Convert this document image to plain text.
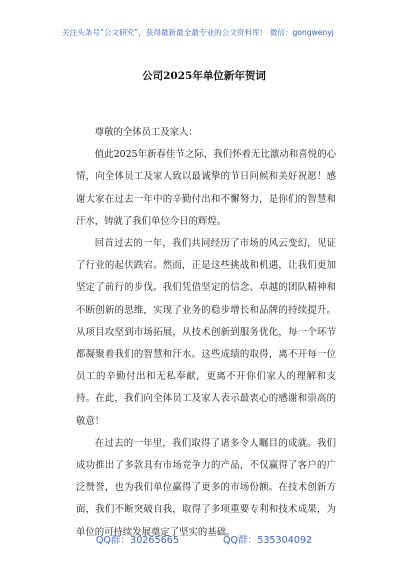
关注头条号“公文研究”，获得最新最全最专业的公文资料库！ 微信：gongwenyj
公司2025年单位新年贺词

尊敬的全体员工及家人：

值此2025年新春佳节之际，我们怀着无比激动和喜悦的心情，向全体员工及家人致以最诚挚的节日问候和美好祝愿！感谢大家在过去一年中的辛勤付出和不懈努力，是你们的智慧和汗水，铸就了我们单位今日的辉煌。

回首过去的一年，我们共同经历了市场的风云变幻，见证了行业的起伏跌宕。然而，正是这些挑战和机遇，让我们更加坚定了前行的步伐。我们凭借坚定的信念、卓越的团队精神和不断创新的思维，实现了业务的稳步增长和品牌的持续提升。从项目攻坚到市场拓展，从技术创新到服务优化，每一个环节都凝聚着我们的智慧和汗水。这些成绩的取得，离不开每一位员工的辛勤付出和无私奉献，更离不开你们家人的理解和支持。在此，我们向全体员工及家人表示最衷心的感谢和崇高的敬意！

在过去的一年里，我们取得了诸多令人瞩目的成就。我们成功推出了多款具有市场竞争力的产品，不仅赢得了客户的广泛赞誉，也为我们单位赢得了更多的市场份额。在技术创新方面，我们不断突破自我，取得了多项重要专利和技术成果，为单位的可持续发展奠定了坚实的基础。

QQ群：30265665	QQ群：535304092
